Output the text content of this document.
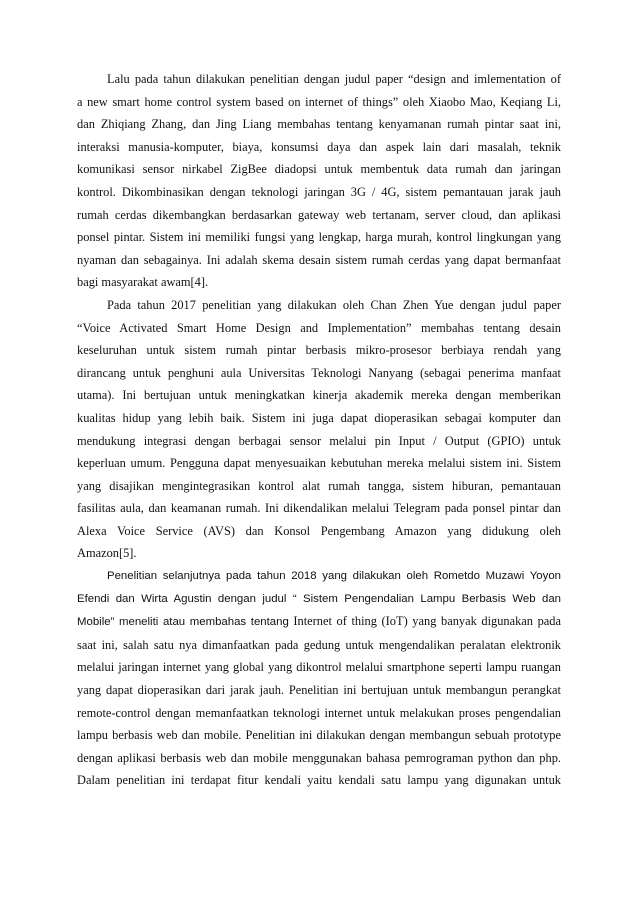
Lalu pada tahun dilakukan penelitian dengan judul paper “design and imlementation of
a new smart home control system based on internet of things” oleh Xiaobo Mao, Keqiang Li,
dan Zhiqiang Zhang, dan Jing Liang membahas tentang kenyamanan rumah pintar saat ini,
interaksi manusia-komputer, biaya, konsumsi daya dan aspek lain dari masalah, teknik
komunikasi sensor nirkabel ZigBee diadopsi untuk membentuk data rumah dan jaringan
kontrol. Dikombinasikan dengan teknologi jaringan 3G / 4G, sistem pemantauan jarak jauh
rumah cerdas dikembangkan berdasarkan gateway web tertanam, server cloud, dan aplikasi
ponsel pintar. Sistem ini memiliki fungsi yang lengkap, harga murah, kontrol lingkungan yang
nyaman dan sebagainya. Ini adalah skema desain sistem rumah cerdas yang dapat bermanfaat
bagi masyarakat awam[4].
Pada tahun 2017 penelitian yang dilakukan oleh Chan Zhen Yue dengan judul paper
“Voice Activated Smart Home Design and Implementation” membahas tentang desain
keseluruhan untuk sistem rumah pintar berbasis mikro-prosesor berbiaya rendah yang
dirancang untuk penghuni aula Universitas Teknologi Nanyang (sebagai penerima manfaat
utama). Ini bertujuan untuk meningkatkan kinerja akademik mereka dengan memberikan
kualitas hidup yang lebih baik. Sistem ini juga dapat dioperasikan sebagai komputer dan
mendukung integrasi dengan berbagai sensor melalui pin Input / Output (GPIO) untuk
keperluan umum. Pengguna dapat menyesuaikan kebutuhan mereka melalui sistem ini. Sistem
yang disajikan mengintegrasikan kontrol alat rumah tangga, sistem hiburan, pemantauan
fasilitas aula, dan keamanan rumah. Ini dikendalikan melalui Telegram pada ponsel pintar dan
Alexa Voice Service (AVS) dan Konsol Pengembang Amazon yang didukung oleh
Amazon[5].
Penelitian selanjutnya pada tahun 2018 yang dilakukan oleh Rometdo Muzawi Yoyon
Efendi dan Wirta Agustin dengan judul “ Sistem Pengendalian Lampu Berbasis Web dan
Mobile” meneliti atau membahas tentang Internet of thing (IoT) yang banyak digunakan pada
saat ini, salah satu nya dimanfaatkan pada gedung untuk mengendalikan peralatan elektronik
melalui jaringan internet yang global yang dikontrol melalui smartphone seperti lampu ruangan
yang dapat dioperasikan dari jarak jauh. Penelitian ini bertujuan untuk membangun perangkat
remote-control dengan memanfaatkan teknologi internet untuk melakukan proses pengendalian
lampu berbasis web dan mobile. Penelitian ini dilakukan dengan membangun sebuah prototype
dengan aplikasi berbasis web dan mobile menggunakan bahasa pemrograman python dan php.
Dalam penelitian ini terdapat fitur kendali yaitu kendali satu lampu yang digunakan untuk
